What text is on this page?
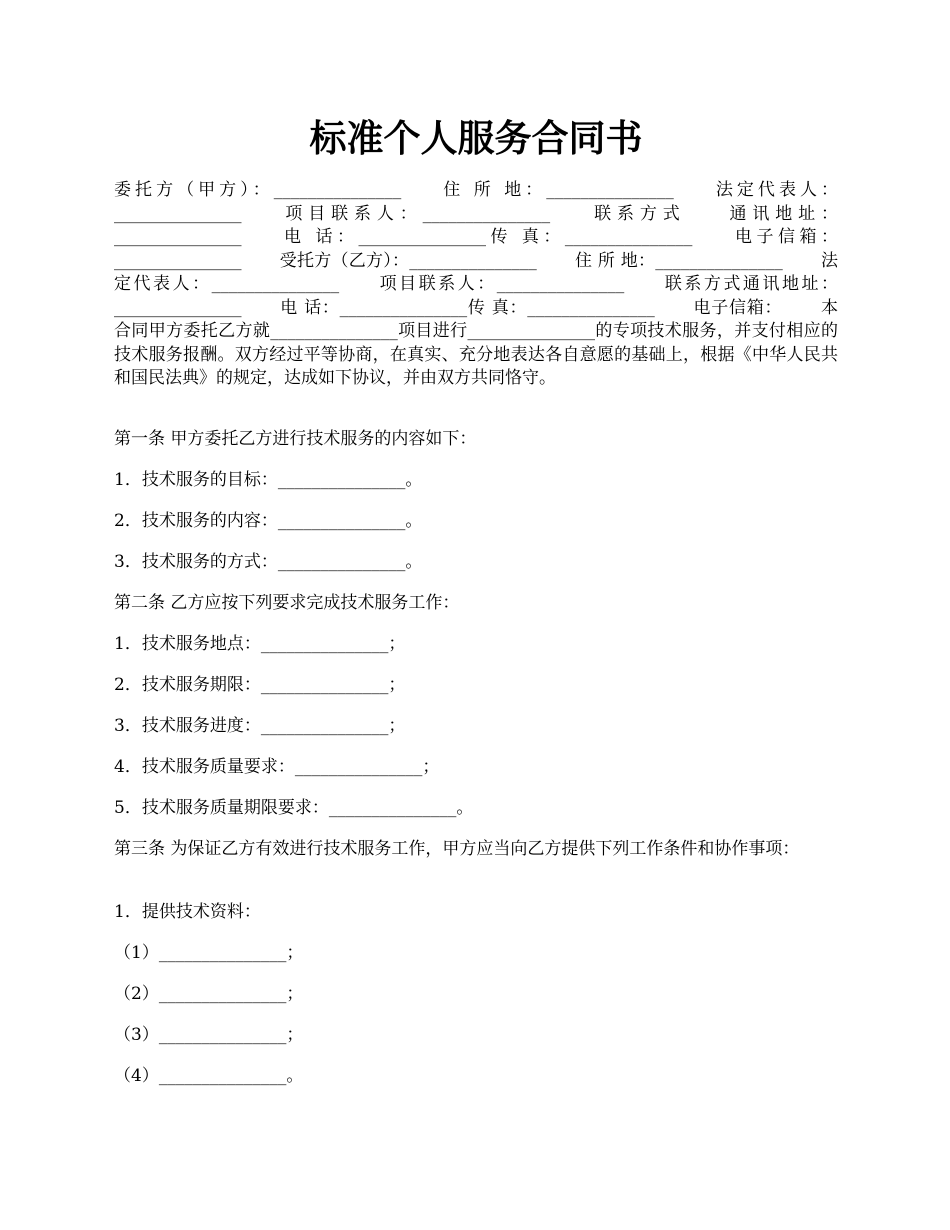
标准个人服务合同书
委托方（甲方）：_______________ 住 所 地：_______________ 法定代表人：_______________ 项目联系人：_______________ 联系方式 通讯地址：_______________ 电 话：_______________传 真：_______________ 电子信箱：_______________ 受托方（乙方）：_______________ 住 所 地：_______________ 法定代表人：_______________ 项目联系人：_______________ 联系方式通讯地址：_______________ 电 话：_______________传 真：_______________ 电子信箱： 本合同甲方委托乙方就_______________项目进行_______________的专项技术服务，并支付相应的技术服务报酬。双方经过平等协商，在真实、充分地表达各自意愿的基础上，根据《中华人民共和国民法典》的规定，达成如下协议，并由双方共同恪守。
第一条 甲方委托乙方进行技术服务的内容如下：
1．技术服务的目标：_______________。
2．技术服务的内容：_______________。
3．技术服务的方式：_______________。
第二条 乙方应按下列要求完成技术服务工作：
1．技术服务地点：_______________；
2．技术服务期限：_______________；
3．技术服务进度：_______________；
4．技术服务质量要求：_______________；
5．技术服务质量期限要求：_______________。
第三条 为保证乙方有效进行技术服务工作，甲方应当向乙方提供下列工作条件和协作事项：
1．提供技术资料：
（1）_______________；
（2）_______________；
（3）_______________；
（4）_______________。
